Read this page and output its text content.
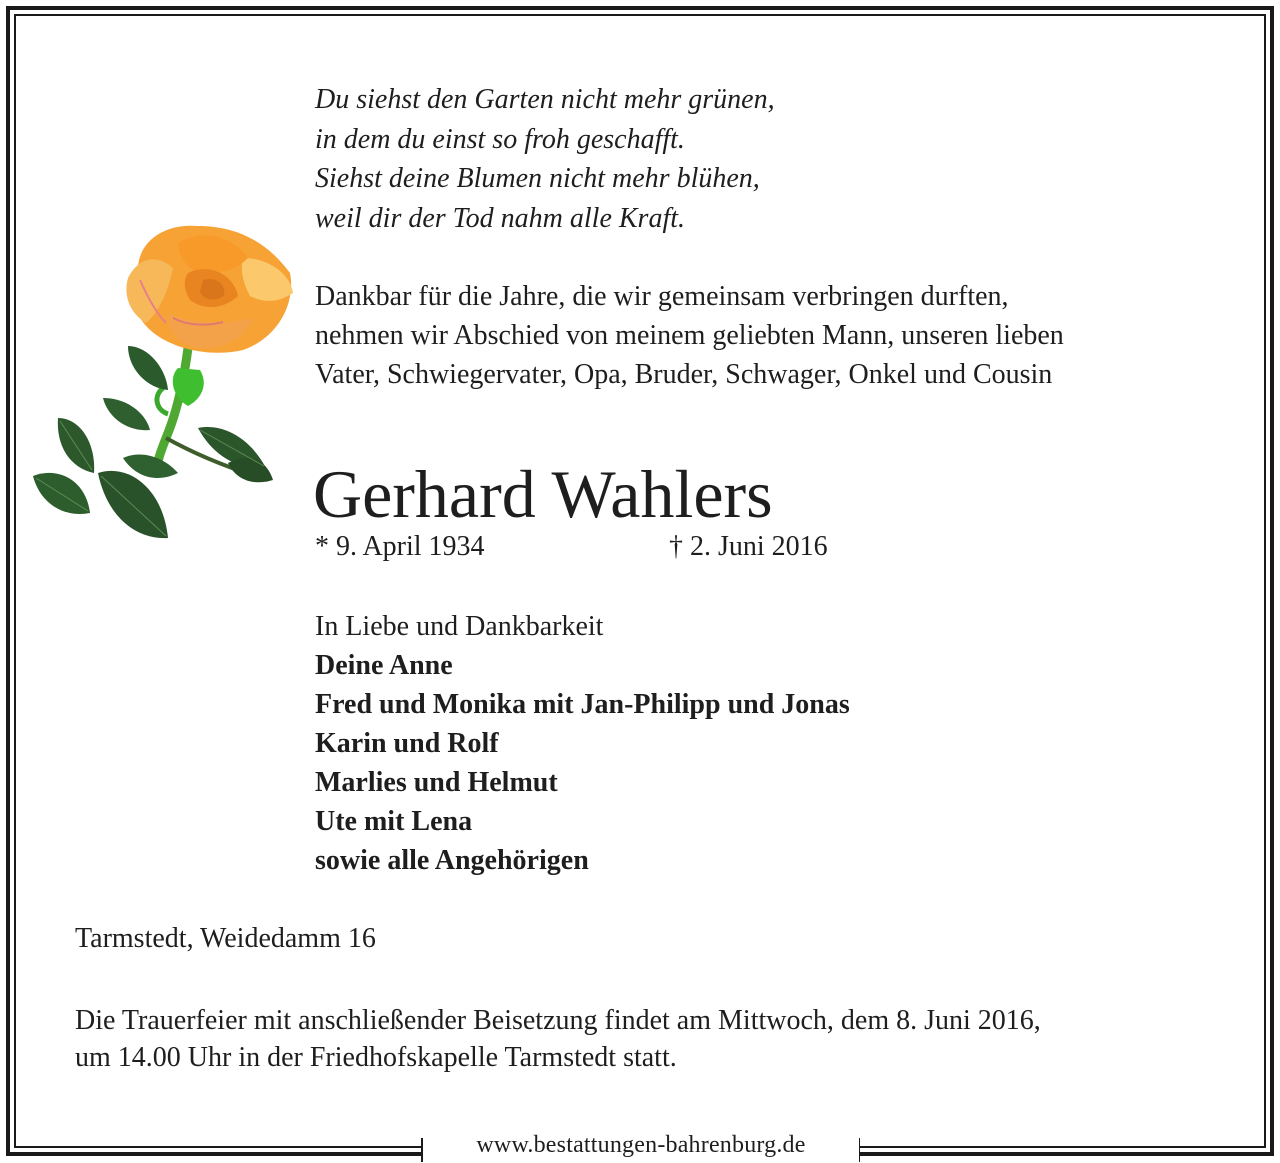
Du siehst den Garten nicht mehr grünen,
in dem du einst so froh geschafft.
Siehst deine Blumen nicht mehr blühen,
weil dir der Tod nahm alle Kraft.
Dankbar für die Jahre, die wir gemeinsam verbringen durften,
nehmen wir Abschied von meinem geliebten Mann, unseren lieben
Vater, Schwiegervater, Opa, Bruder, Schwager, Onkel und Cousin
Gerhard Wahlers
* 9. April 1934	† 2. Juni 2016
In Liebe und Dankbarkeit
Deine Anne
Fred und Monika mit Jan-Philipp und Jonas
Karin und Rolf
Marlies und Helmut
Ute mit Lena
sowie alle Angehörigen
Tarmstedt, Weidedamm 16
Die Trauerfeier mit anschließender Beisetzung findet am Mittwoch, dem 8. Juni 2016,
um 14.00 Uhr in der Friedhofskapelle Tarmstedt statt.
www.bestattungen-bahrenburg.de
